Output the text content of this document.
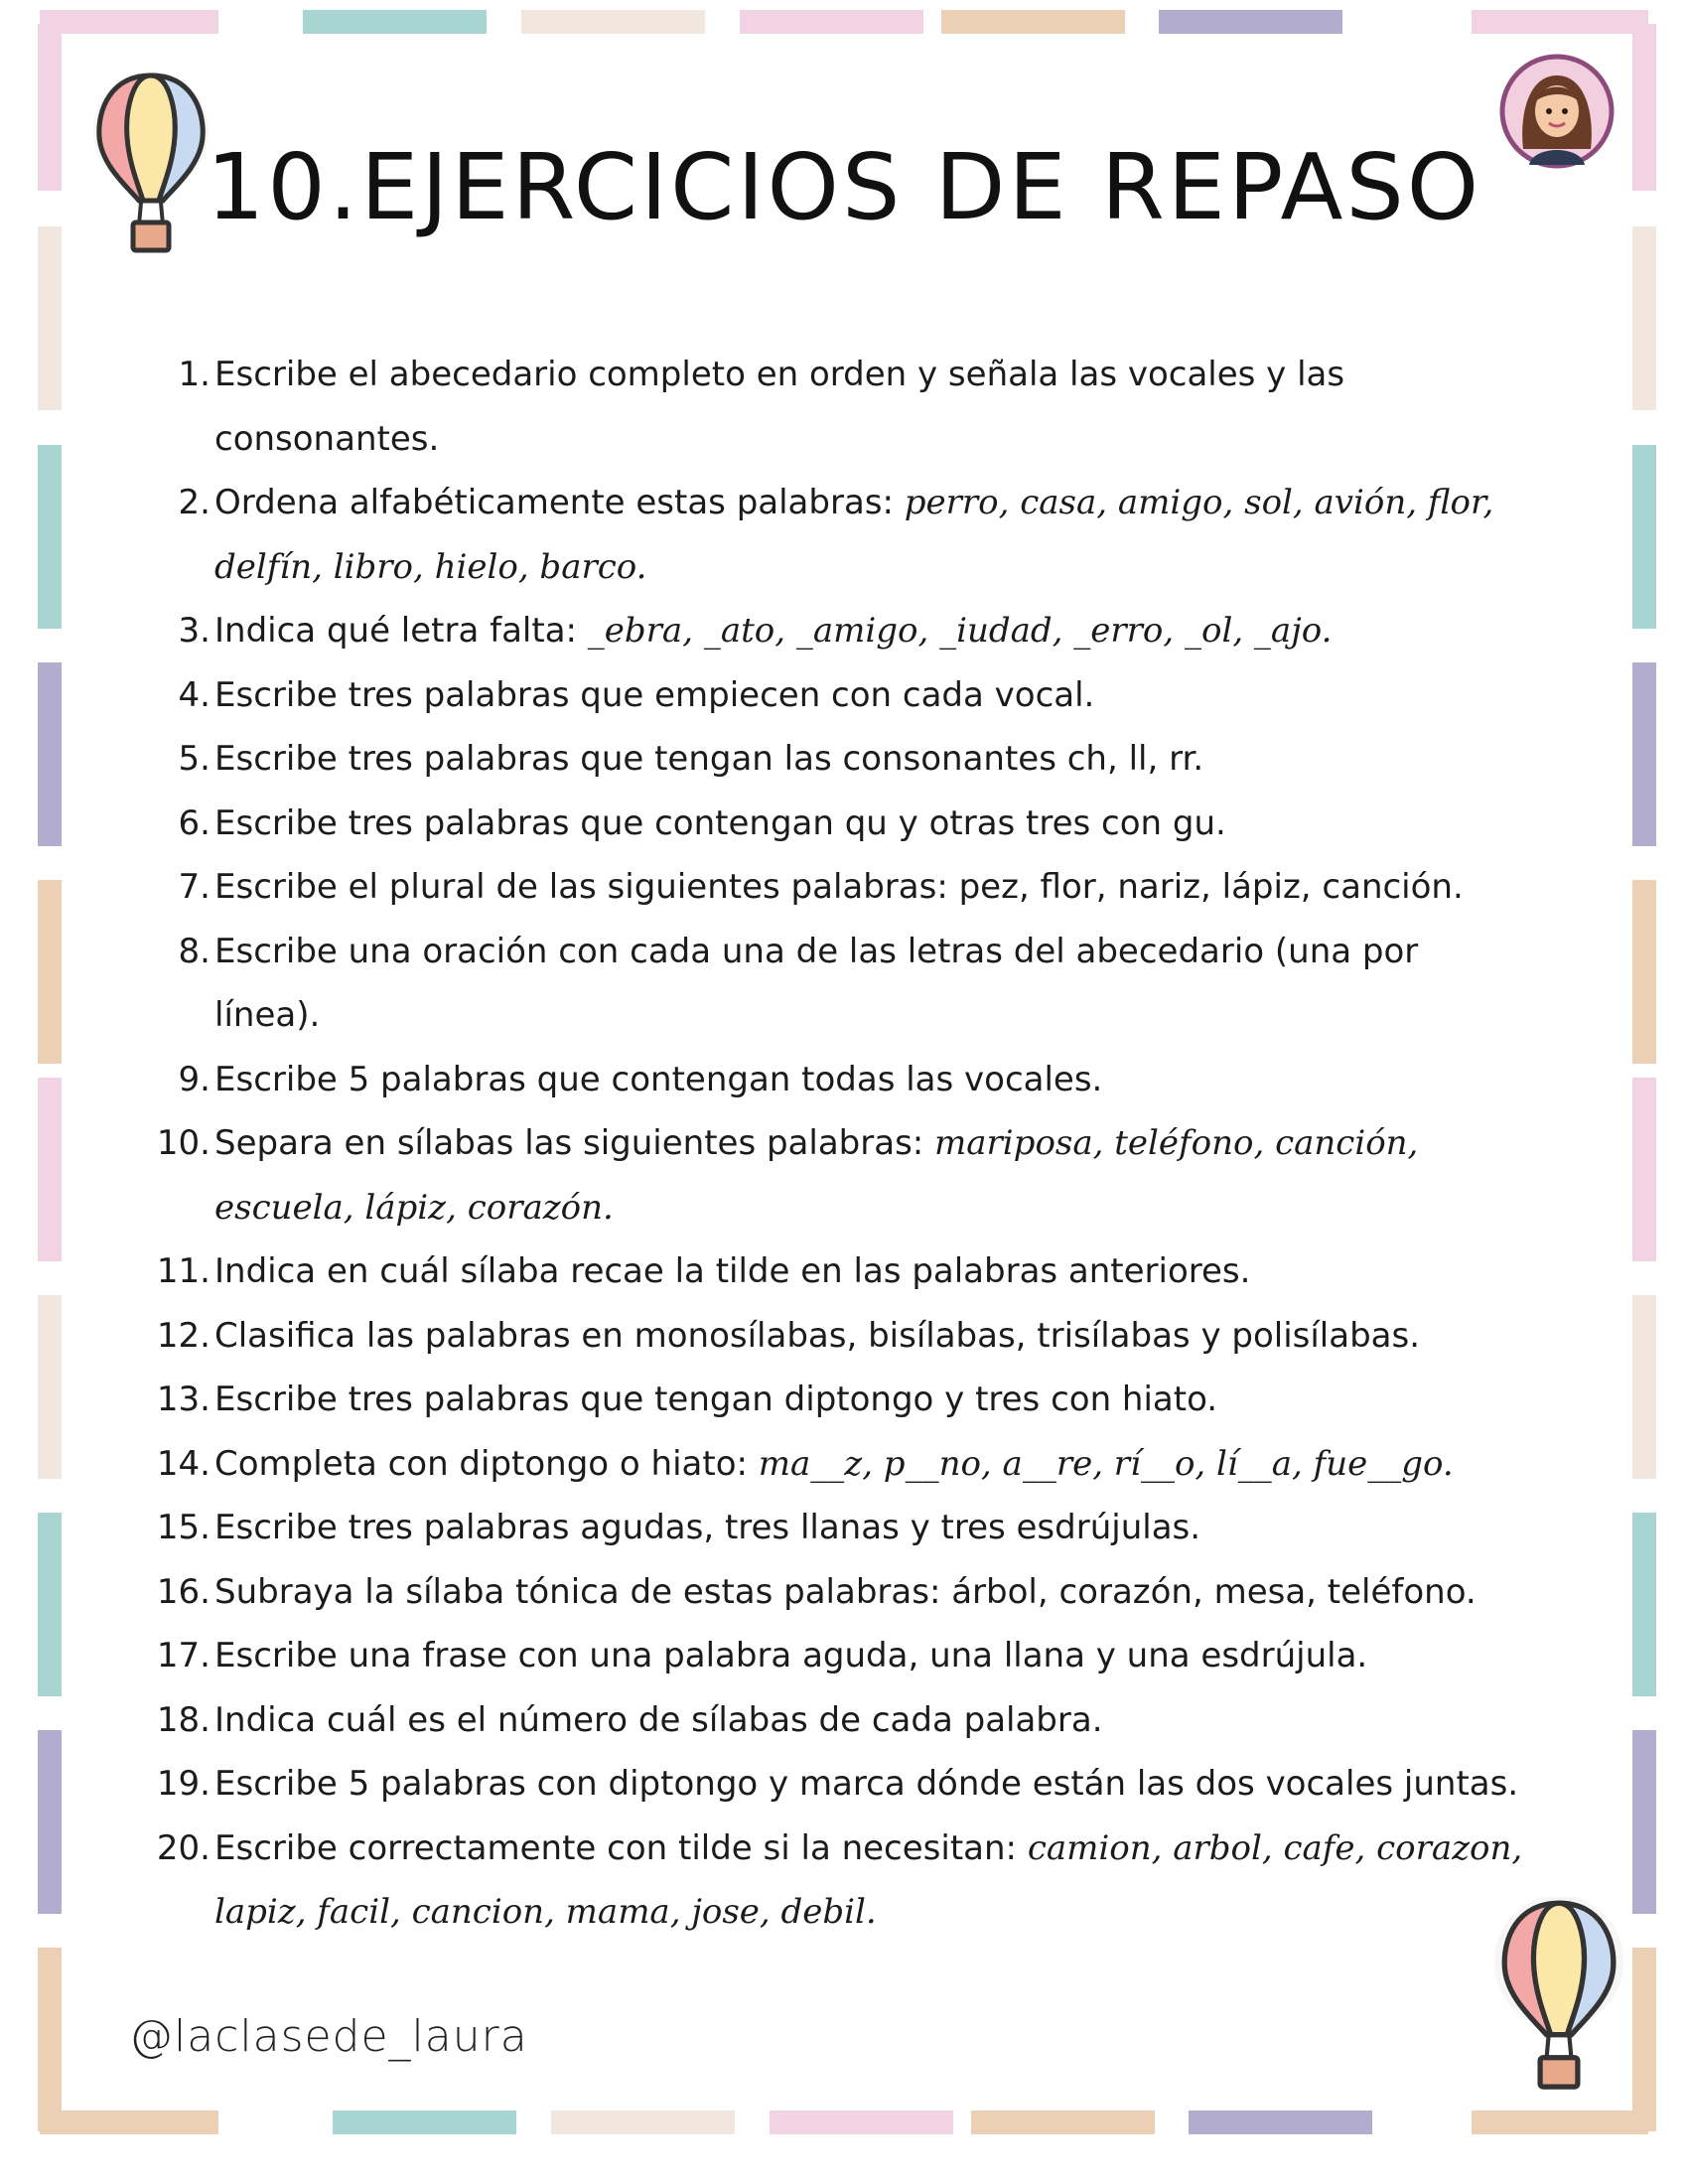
10.EJERCICIOS DE REPASO
1. Escribe el abecedario completo en orden y señala las vocales y las consonantes.
2. Ordena alfabéticamente estas palabras: perro, casa, amigo, sol, avión, flor, delfín, libro, hielo, barco.
3. Indica qué letra falta: _ebra, _ato, _amigo, _iudad, _erro, _ol, _ajo.
4. Escribe tres palabras que empiecen con cada vocal.
5. Escribe tres palabras que tengan las consonantes ch, ll, rr.
6. Escribe tres palabras que contengan qu y otras tres con gu.
7. Escribe el plural de las siguientes palabras: pez, flor, nariz, lápiz, canción.
8. Escribe una oración con cada una de las letras del abecedario (una por línea).
9. Escribe 5 palabras que contengan todas las vocales.
10. Separa en sílabas las siguientes palabras: mariposa, teléfono, canción, escuela, lápiz, corazón.
11. Indica en cuál sílaba recae la tilde en las palabras anteriores.
12. Clasifica las palabras en monosílabas, bisílabas, trisílabas y polisílabas.
13. Escribe tres palabras que tengan diptongo y tres con hiato.
14. Completa con diptongo o hiato: ma__z, p__no, a__re, rí__o, lí__a, fue__go.
15. Escribe tres palabras agudas, tres llanas y tres esdrújulas.
16. Subraya la sílaba tónica de estas palabras: árbol, corazón, mesa, teléfono.
17. Escribe una frase con una palabra aguda, una llana y una esdrújula.
18. Indica cuál es el número de sílabas de cada palabra.
19. Escribe 5 palabras con diptongo y marca dónde están las dos vocales juntas.
20. Escribe correctamente con tilde si la necesitan: camion, arbol, cafe, corazon, lapiz, facil, cancion, mama, jose, debil.
@laclasede_laura
